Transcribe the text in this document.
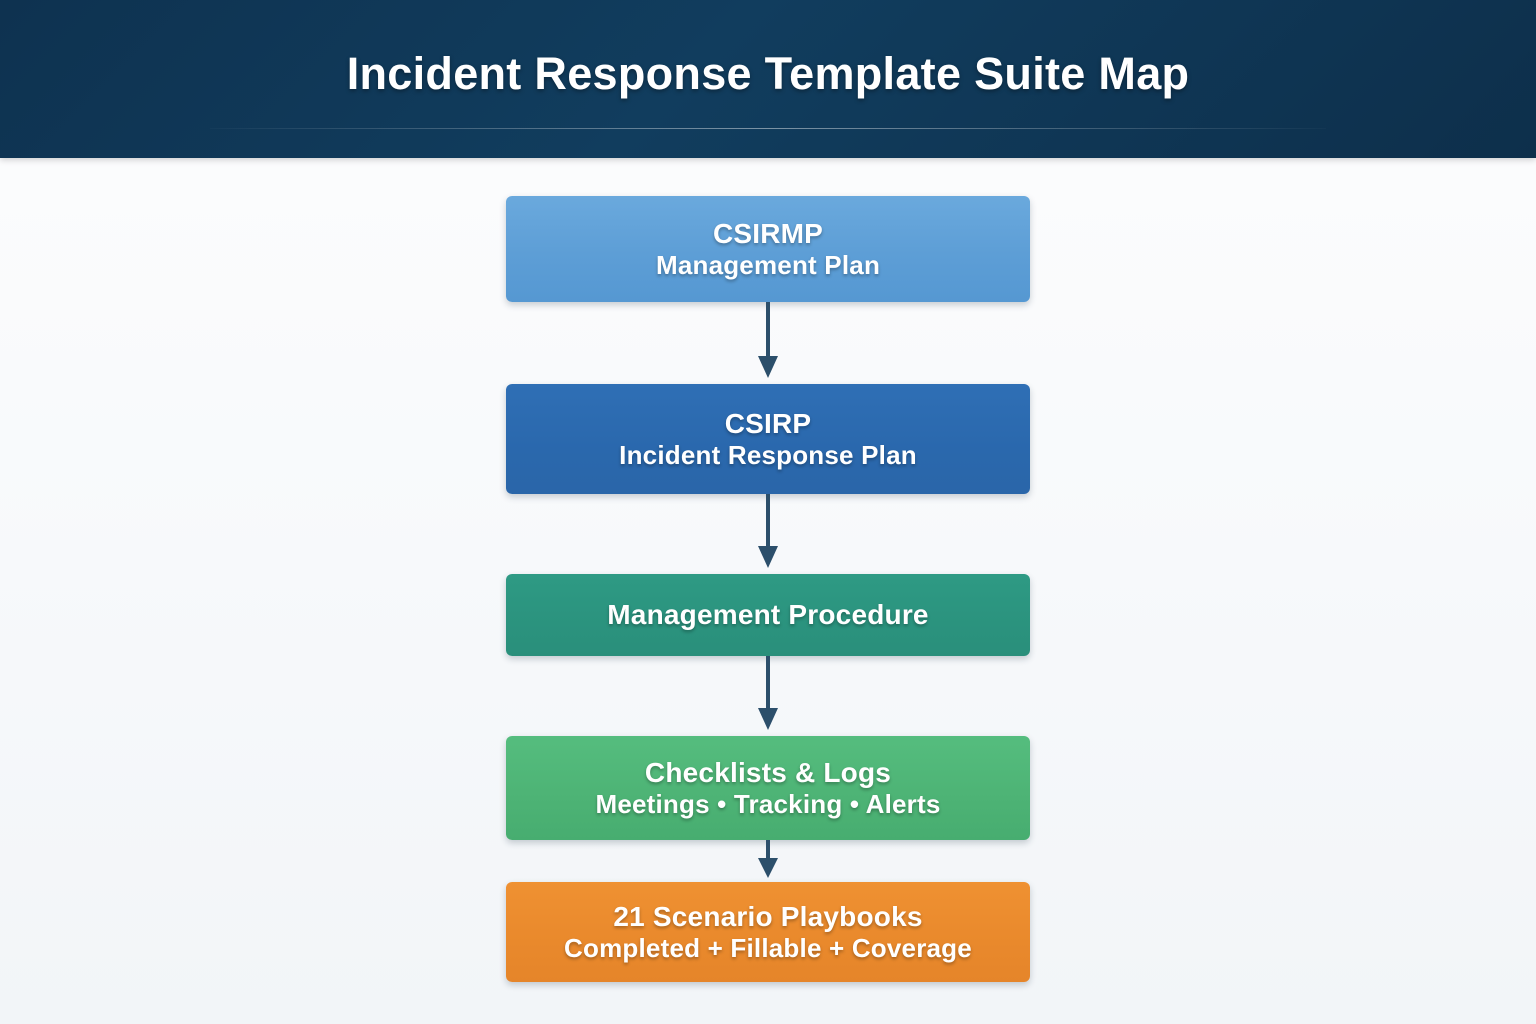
Incident Response Template Suite Map
CSIRMP
Management Plan
CSIRP
Incident Response Plan
Management Procedure
Checklists & Logs
Meetings • Tracking • Alerts
21 Scenario Playbooks
Completed + Fillable + Coverage
